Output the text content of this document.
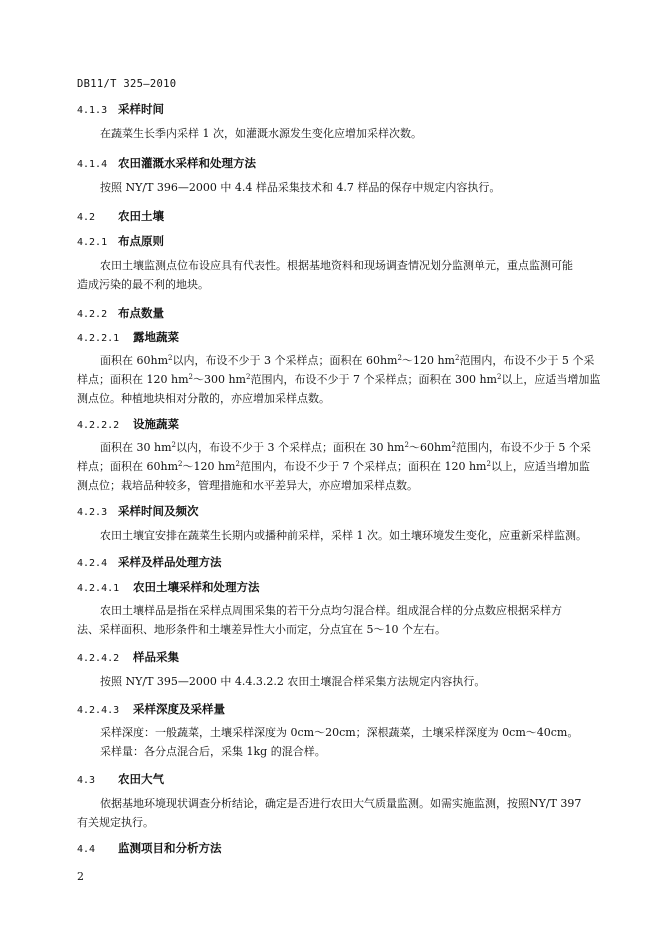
DB11/T 325—2010
4.1.3 采样时间
在蔬菜生长季内采样 1 次，如灌溉水源发生变化应增加采样次数。
4.1.4 农田灌溉水采样和处理方法
按照 NY/T 396—2000 中 4.4 样品采集技术和 4.7 样品的保存中规定内容执行。
4.2 农田土壤
4.2.1 布点原则
农田土壤监测点位布设应具有代表性。根据基地资料和现场调查情况划分监测单元，重点监测可能
造成污染的最不利的地块。
4.2.2 布点数量
4.2.2.1 露地蔬菜
面积在 $60hm^2$以内，布设不少于 3 个采样点；面积在 $60hm^2\sim 120$ $hm^2$范围内，布设不少于 5 个采
样点；面积在 120 $hm^2\sim 300$ $hm^2$范围内，布设不少于 7 个采样点；面积在 300 $hm^2$以上，应适当增加监
测点位。种植地块相对分散的，亦应增加采样点数。
4.2.2.2 设施蔬菜
面积在 30 $hm^2$以内，布设不少于 3 个采样点；面积在 30 $hm^2\sim 60hm^2$范围内，布设不少于 5 个采
样点；面积在 $60hm^2\sim 120$ $hm^2$范围内，布设不少于 7 个采样点；面积在 120 $hm^2$以上，应适当增加监
测点位；栽培品种较多，管理措施和水平差异大，亦应增加采样点数。
4.2.3 采样时间及频次
农田土壤宜安排在蔬菜生长期内或播种前采样，采样 1 次。如土壤环境发生变化，应重新采样监测。
4.2.4 采样及样品处理方法
4.2.4.1 农田土壤采样和处理方法
农田土壤样品是指在采样点周围采集的若干分点均匀混合样。组成混合样的分点数应根据采样方
法、采样面积、地形条件和土壤差异性大小而定，分点宜在 5～10 个左右。
4.2.4.2 样品采集
按照 NY/T 395—2000 中 4.4.3.2.2 农田土壤混合样采集方法规定内容执行。
4.2.4.3 采样深度及采样量
采样深度：一般蔬菜，土壤采样深度为 0cm～20cm；深根蔬菜，土壤采样深度为 0cm～40cm。
采样量：各分点混合后，采集 1kg 的混合样。
4.3 农田大气
依据基地环境现状调查分析结论，确定是否进行农田大气质量监测。如需实施监测，按照NY/T 397
有关规定执行。
4.4 监测项目和分析方法
2
